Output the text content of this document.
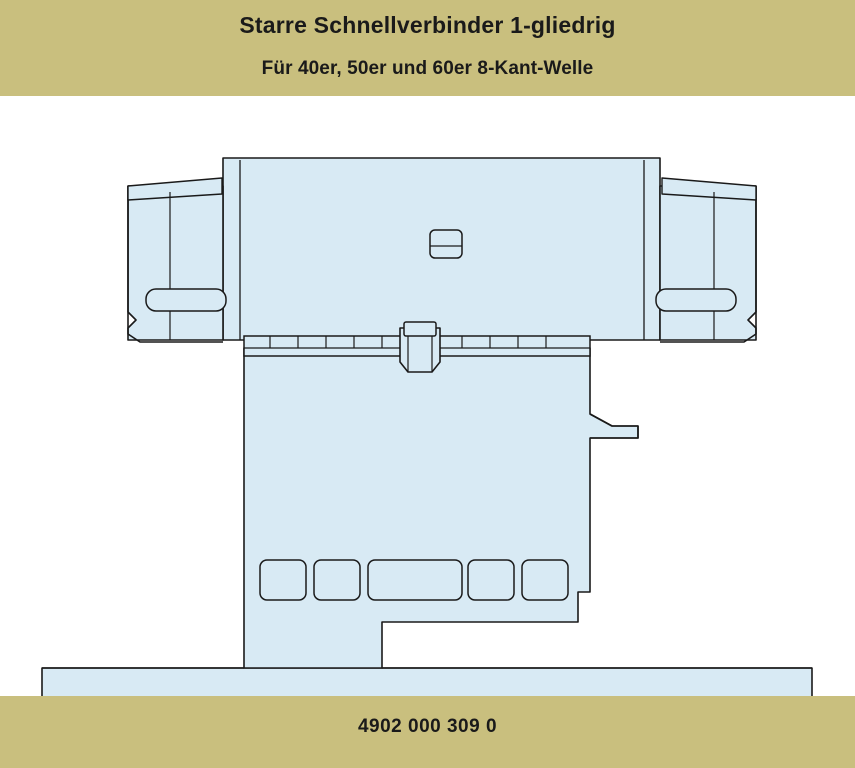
Starre Schnellverbinder 1-gliedrig
Für 40er, 50er und 60er 8-Kant-Welle
4902 000 309 0
